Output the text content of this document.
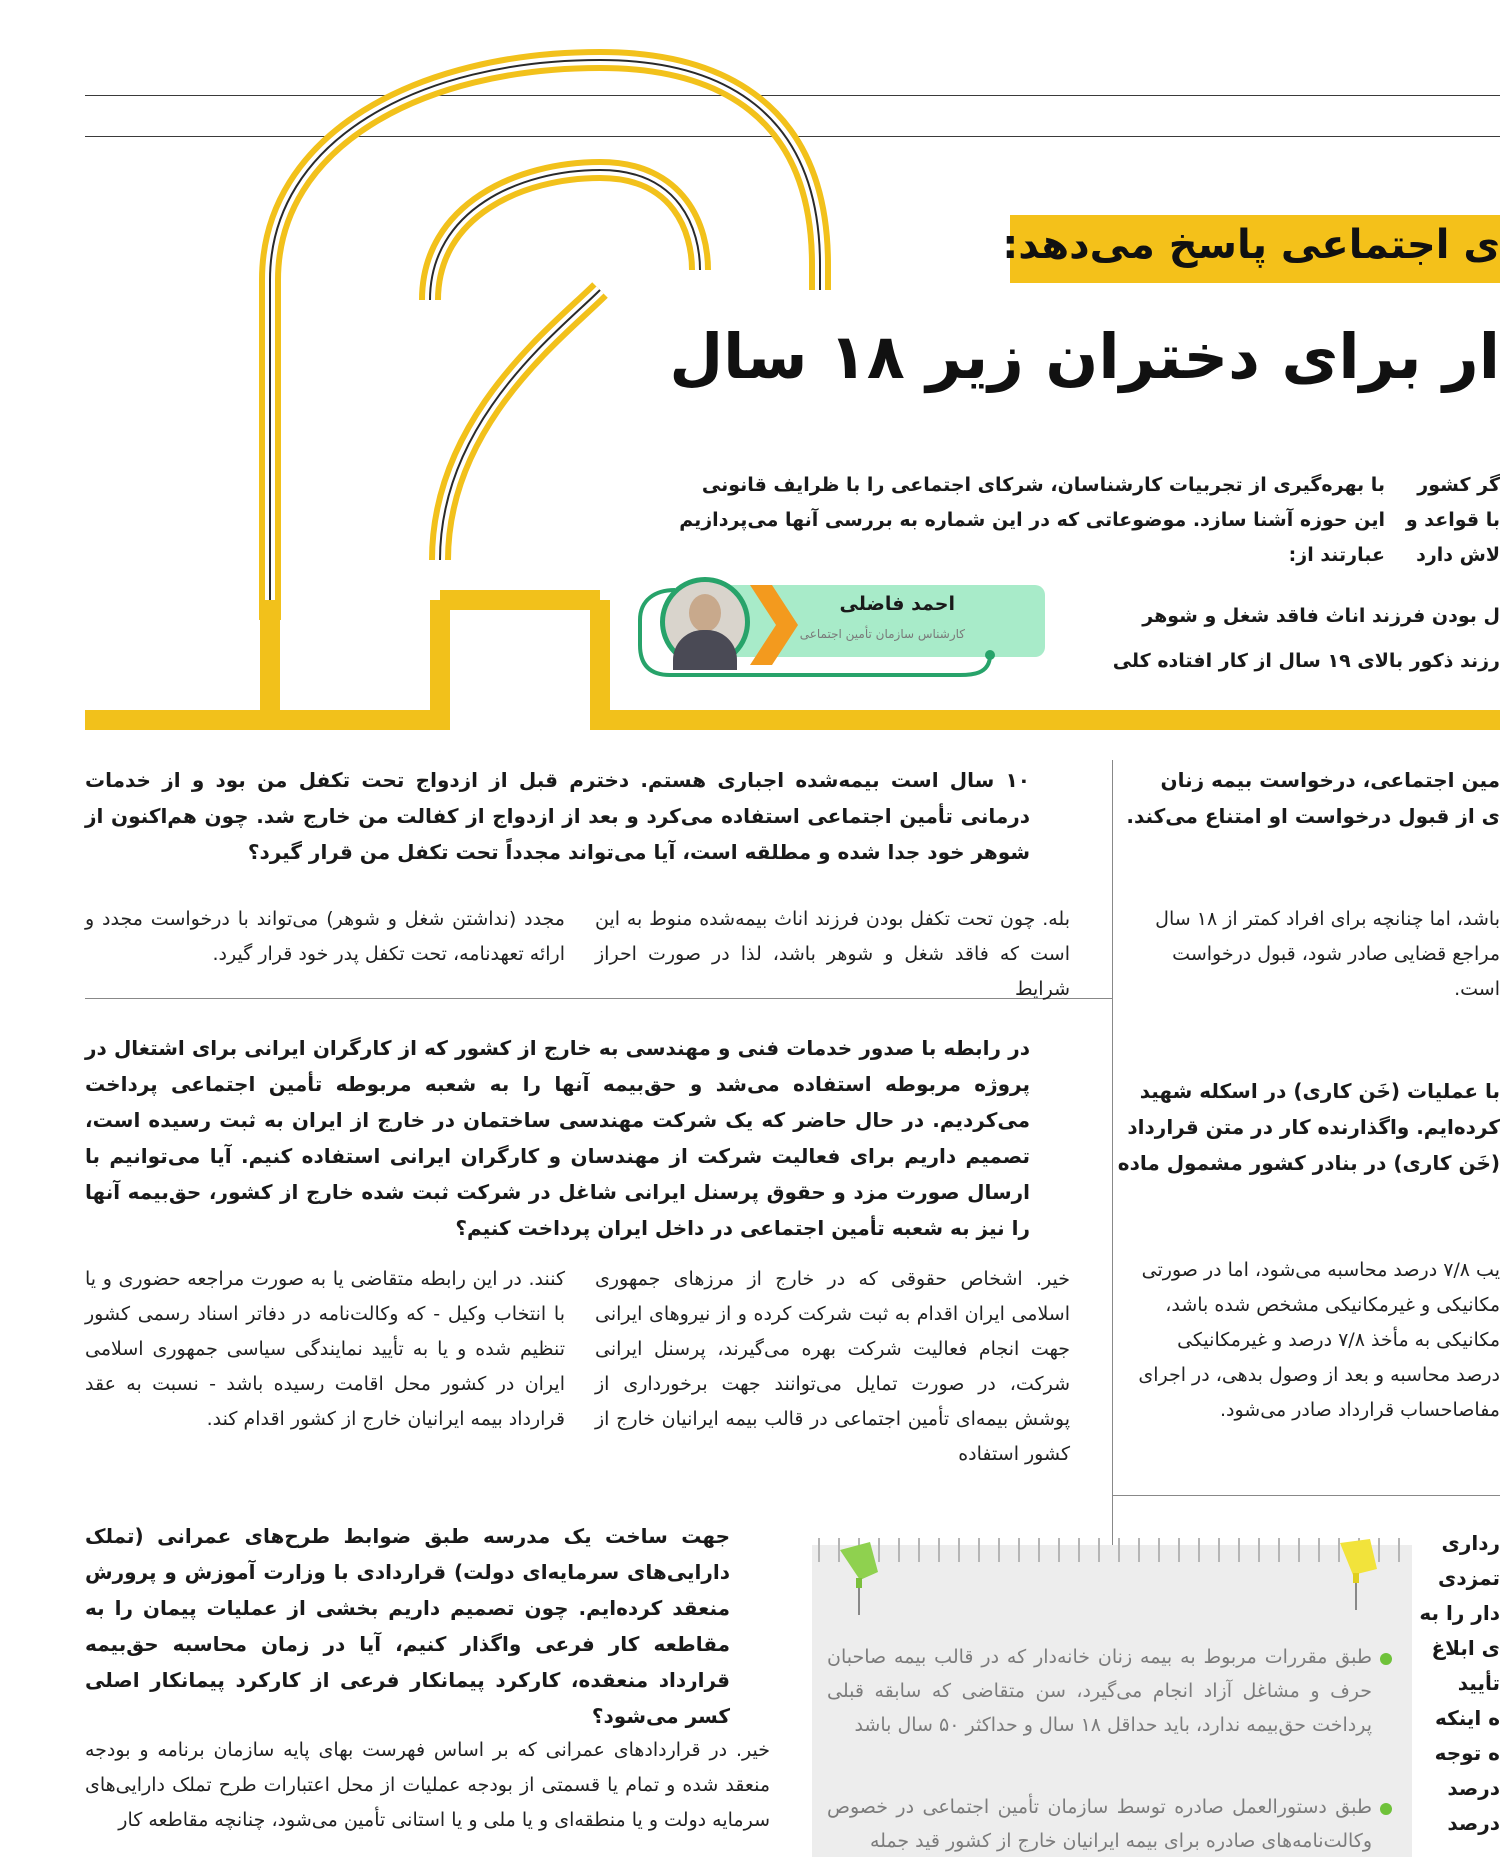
ی اجتماعی پاسخ می‌دهد:
ار برای دختران زیر ۱۸ سال
با بهره‌گیری از تجربیات کارشناسان، شرکای اجتماعی را با ظرایف قانونی
این حوزه آشنا سازد. موضوعاتی که در این شماره به بررسی آنها می‌پردازیم
عبارتند از:
گر کشور
با قواعد و
لاش دارد
ل بودن فرزند اناث فاقد شغل و شوهر
رزند ذکور بالای ۱۹ سال از کار افتاده کلی
احمد فاضلی
کارشناس سازمان تأمین اجتماعی
۱۰ سال است بیمه‌شده اجباری هستم. دخترم قبل از ازدواج تحت تکفل من بود و از خدمات درمانی تأمین اجتماعی استفاده می‌کرد و بعد از ازدواج از کفالت من خارج شد. چون هم‌اکنون از شوهر خود جدا شده و مطلقه است، آیا می‌تواند مجدداً تحت تکفل من قرار گیرد؟
بله. چون تحت تکفل بودن فرزند اناث بیمه‌شده منوط به این است که فاقد شغل و شوهر باشد، لذا در صورت احراز شرایط
مجدد (نداشتن شغل و شوهر) می‌تواند با درخواست مجدد و ارائه تعهدنامه، تحت تکفل پدر خود قرار گیرد.
در رابطه با صدور خدمات فنی و مهندسی به خارج از کشور که از کارگران ایرانی برای اشتغال در پروژه مربوطه استفاده می‌شد و حق‌بیمه آنها را به شعبه مربوطه تأمین اجتماعی پرداخت می‌کردیم. در حال حاضر که یک شرکت مهندسی ساختمان در خارج از ایران به ثبت رسیده است، تصمیم داریم برای فعالیت شرکت از مهندسان و کارگران ایرانی استفاده کنیم. آیا می‌توانیم با ارسال صورت مزد و حقوق پرسنل ایرانی شاغل در شرکت ثبت شده خارج از کشور، حق‌بیمه آنها را نیز به شعبه تأمین اجتماعی در داخل ایران پرداخت کنیم؟
خیر. اشخاص حقوقی که در خارج از مرزهای جمهوری اسلامی ایران اقدام به ثبت شرکت کرده و از نیروهای ایرانی جهت انجام فعالیت شرکت بهره می‌گیرند، پرسنل ایرانی شرکت، در صورت تمایل می‌توانند جهت برخورداری از پوشش بیمه‌ای تأمین اجتماعی در قالب بیمه ایرانیان خارج از کشور استفاده
کنند. در این رابطه متقاضی یا به صورت مراجعه حضوری و یا با انتخاب وکیل - که وکالت‌نامه در دفاتر اسناد رسمی کشور تنظیم شده و یا به تأیید نمایندگی سیاسی جمهوری اسلامی ایران در کشور محل اقامت رسیده باشد - نسبت به عقد قرارداد بیمه ایرانیان خارج از کشور اقدام کند.
جهت ساخت یک مدرسه طبق ضوابط طرح‌های عمرانی (تملک دارایی‌های سرمایه‌ای دولت) قراردادی با وزارت آموزش و پرورش منعقد کرده‌ایم. چون تصمیم داریم بخشی از عملیات پیمان را به مقاطعه کار فرعی واگذار کنیم، آیا در زمان محاسبه حق‌بیمه قرارداد منعقده، کارکرد پیمانکار فرعی از کارکرد پیمانکار اصلی کسر می‌شود؟
خیر. در قراردادهای عمرانی که بر اساس فهرست بهای پایه سازمان برنامه و بودجه منعقد شده و تمام یا قسمتی از بودجه عملیات از محل اعتبارات طرح تملک دارایی‌های سرمایه دولت و یا منطقه‌ای و یا ملی و یا استانی تأمین می‌شود، چنانچه مقاطعه کار
مین اجتماعی، درخواست بیمه زنان
ی از قبول درخواست او امتناع می‌کند.
باشد، اما چنانچه برای افراد کمتر از ۱۸ سال
مراجع قضایی صادر شود، قبول درخواست
است.
با عملیات (خَن کاری) در اسکله شهید
کرده‌ایم. واگذارنده کار در متن قرارداد
(خَن کاری) در بنادر کشور مشمول ماده
یب ۷/۸ درصد محاسبه می‌شود، اما در صورتی
مکانیکی و غیرمکانیکی مشخص شده باشد،
مکانیکی به مأخذ ۷/۸ درصد و غیرمکانیکی
درصد محاسبه و بعد از وصول بدهی، در اجرای
مفاصاحساب قرارداد صادر می‌شود.
رداری
تمزدی
دار را به
ی ابلاغ
تأیید
ه اینکه
ه توجه
درصد
درصد
طبق مقررات مربوط به بیمه زنان خانه‌دار که در قالب بیمه صاحبان حرف و مشاغل آزاد انجام می‌گیرد، سن متقاضی که سابقه قبلی پرداخت حق‌بیمه ندارد، باید حداقل ۱۸ سال و حداکثر ۵۰ سال باشد
طبق دستورالعمل صادره توسط سازمان تأمین اجتماعی در خصوص وکالت‌نامه‌های صادره برای بیمه ایرانیان خارج از کشور قید جمله
